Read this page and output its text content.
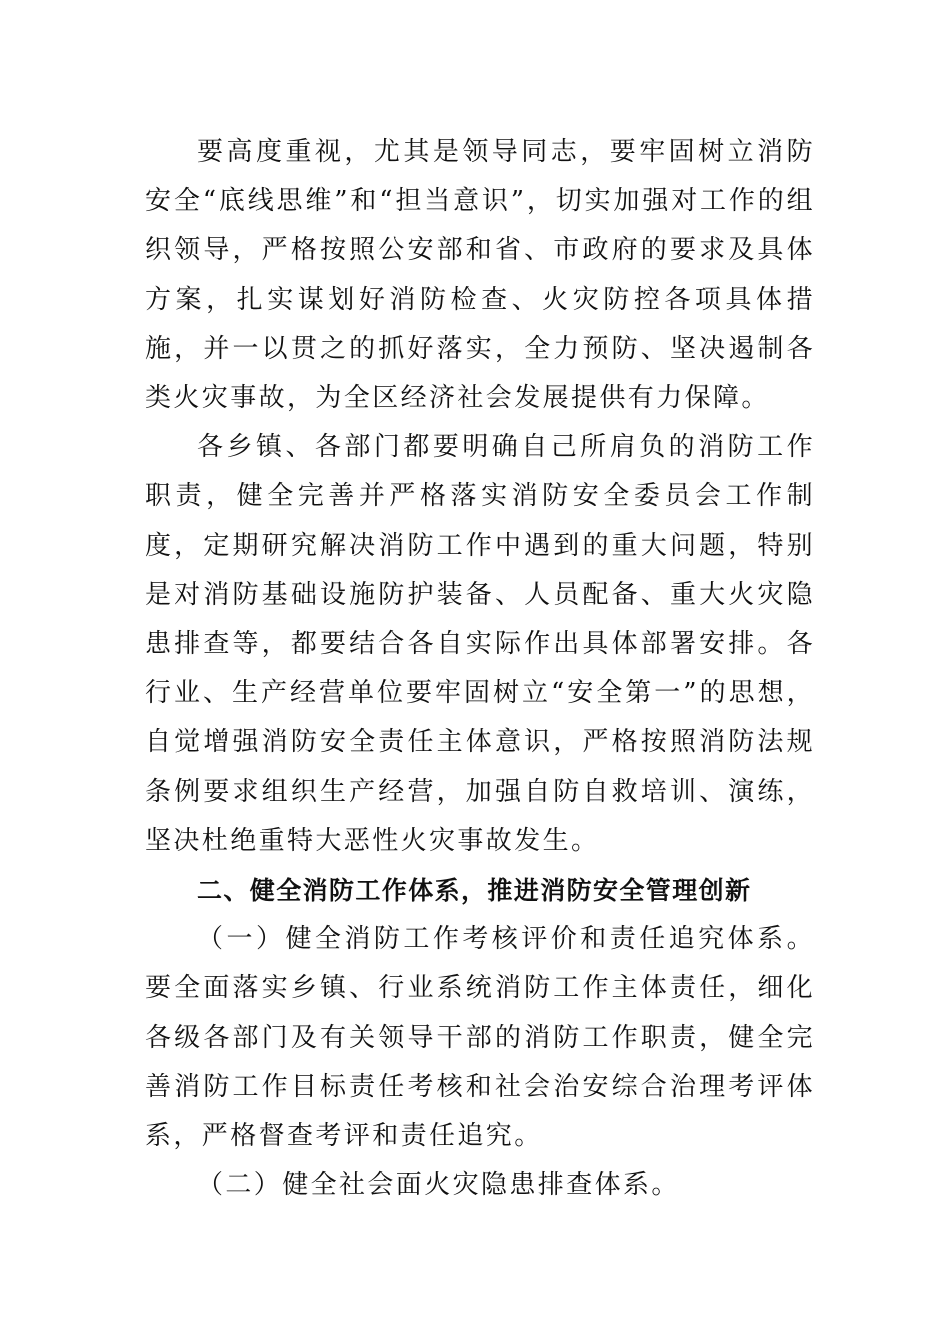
要高度重视，尤其是领导同志，要牢固树立消防安全“底线思维”和“担当意识”，切实加强对工作的组织领导，严格按照公安部和省、市政府的要求及具体方案，扎实谋划好消防检查、火灾防控各项具体措施，并一以贯之的抓好落实，全力预防、坚决遏制各类火灾事故，为全区经济社会发展提供有力保障。

各乡镇、各部门都要明确自己所肩负的消防工作职责，健全完善并严格落实消防安全委员会工作制度，定期研究解决消防工作中遇到的重大问题，特别是对消防基础设施防护装备、人员配备、重大火灾隐患排查等，都要结合各自实际作出具体部署安排。各行业、生产经营单位要牢固树立“安全第一”的思想，自觉增强消防安全责任主体意识，严格按照消防法规条例要求组织生产经营，加强自防自救培训、演练，坚决杜绝重特大恶性火灾事故发生。

二、健全消防工作体系，推进消防安全管理创新

（一）健全消防工作考核评价和责任追究体系。要全面落实乡镇、行业系统消防工作主体责任，细化各级各部门及有关领导干部的消防工作职责，健全完善消防工作目标责任考核和社会治安综合治理考评体系，严格督查考评和责任追究。

（二）健全社会面火灾隐患排查体系。
